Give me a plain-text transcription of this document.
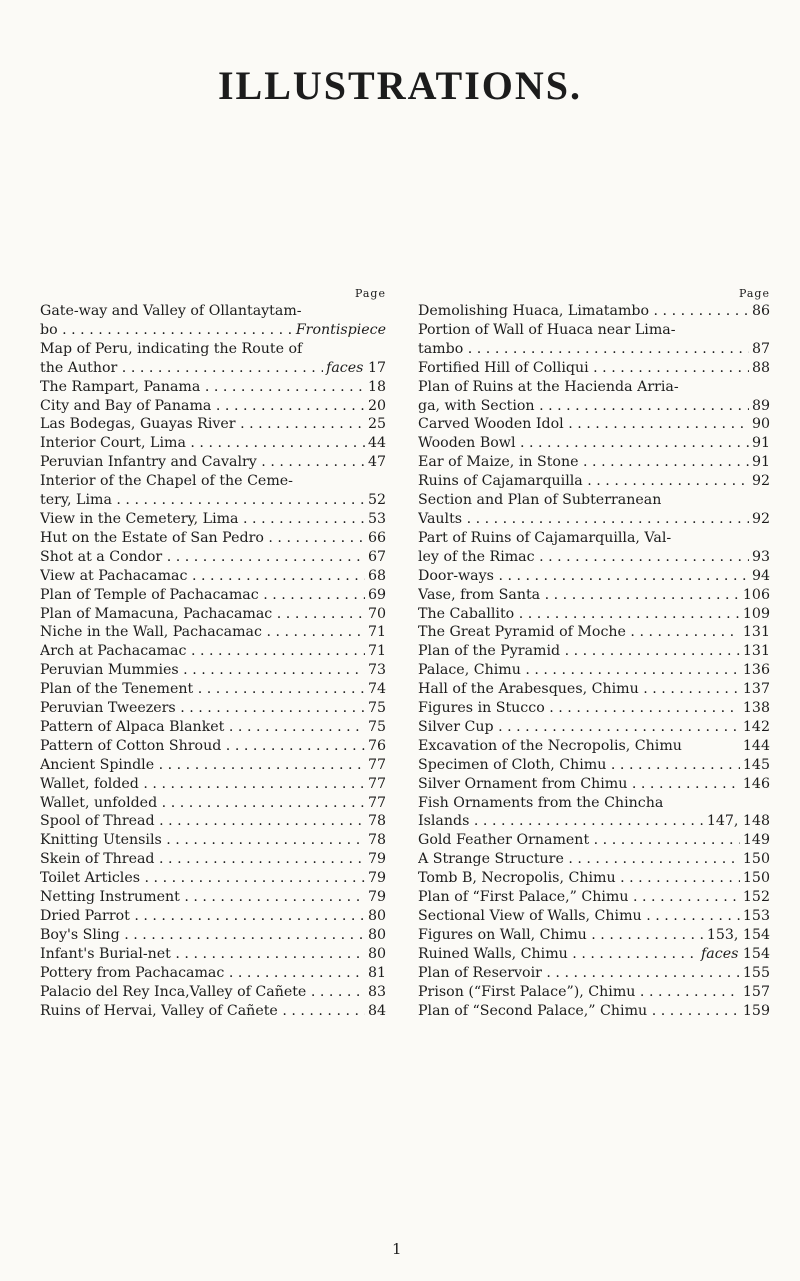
ILLUSTRATIONS.
Page
Gate-way and Valley of Ollantaytam-
bo . . .	Frontispiece
Map of Peru, indicating the Route of
the Author . . .	faces 17
The Rampart, Panama . . .	18
City and Bay of Panama . . .	20
Las Bodegas, Guayas River . . .	25
Interior Court, Lima . . .	44
Peruvian Infantry and Cavalry . . .	47
Interior of the Chapel of the Ceme-
tery, Lima . . .	52
View in the Cemetery, Lima . . .	53
Hut on the Estate of San Pedro . . .	66
Shot at a Condor . . .	67
View at Pachacamac . . .	68
Plan of Temple of Pachacamac . . .	69
Plan of Mamacuna, Pachacamac . . .	70
Niche in the Wall, Pachacamac . . .	71
Arch at Pachacamac . . .	71
Peruvian Mummies . . .	73
Plan of the Tenement . . .	74
Peruvian Tweezers . . .	75
Pattern of Alpaca Blanket . . .	75
Pattern of Cotton Shroud . . .	76
Ancient Spindle . . .	77
Wallet, folded . . .	77
Wallet, unfolded . . .	77
Spool of Thread . . .	78
Knitting Utensils . . .	78
Skein of Thread . . .	79
Toilet Articles . . .	79
Netting Instrument . . .	79
Dried Parrot . . .	80
Boy's Sling . . .	80
Infant's Burial-net . . .	80
Pottery from Pachacamac . . .	81
Palacio del Rey Inca,Valley of Cañete . . .	83
Ruins of Hervai, Valley of Cañete . . .	84
Page
Demolishing Huaca, Limatambo . . .	86
Portion of Wall of Huaca near Lima-
tambo . . .	87
Fortified Hill of Colliqui . . .	88
Plan of Ruins at the Hacienda Arria-
ga, with Section . . .	89
Carved Wooden Idol . . .	90
Wooden Bowl . . .	91
Ear of Maize, in Stone . . .	91
Ruins of Cajamarquilla . . .	92
Section and Plan of Subterranean
Vaults . . .	92
Part of Ruins of Cajamarquilla, Val-
ley of the Rimac . . .	93
Door-ways . . .	94
Vase, from Santa . . .	106
The Caballito . . .	109
The Great Pyramid of Moche . . .	131
Plan of the Pyramid . . .	131
Palace, Chimu . . .	136
Hall of the Arabesques, Chimu . . .	137
Figures in Stucco . . .	138
Silver Cup . . .	142
Excavation of the Necropolis, Chimu	144
Specimen of Cloth, Chimu . . .	145
Silver Ornament from Chimu . . .	146
Fish Ornaments from the Chincha
Islands . . .	147, 148
Gold Feather Ornament . . .	149
A Strange Structure . . .	150
Tomb B, Necropolis, Chimu . . .	150
Plan of “First Palace,” Chimu . . .	152
Sectional View of Walls, Chimu . . .	153
Figures on Wall, Chimu . . .	153, 154
Ruined Walls, Chimu . . .	faces 154
Plan of Reservoir . . .	155
Prison (“First Palace”), Chimu . . .	157
Plan of “Second Palace,” Chimu . . .	159
1
